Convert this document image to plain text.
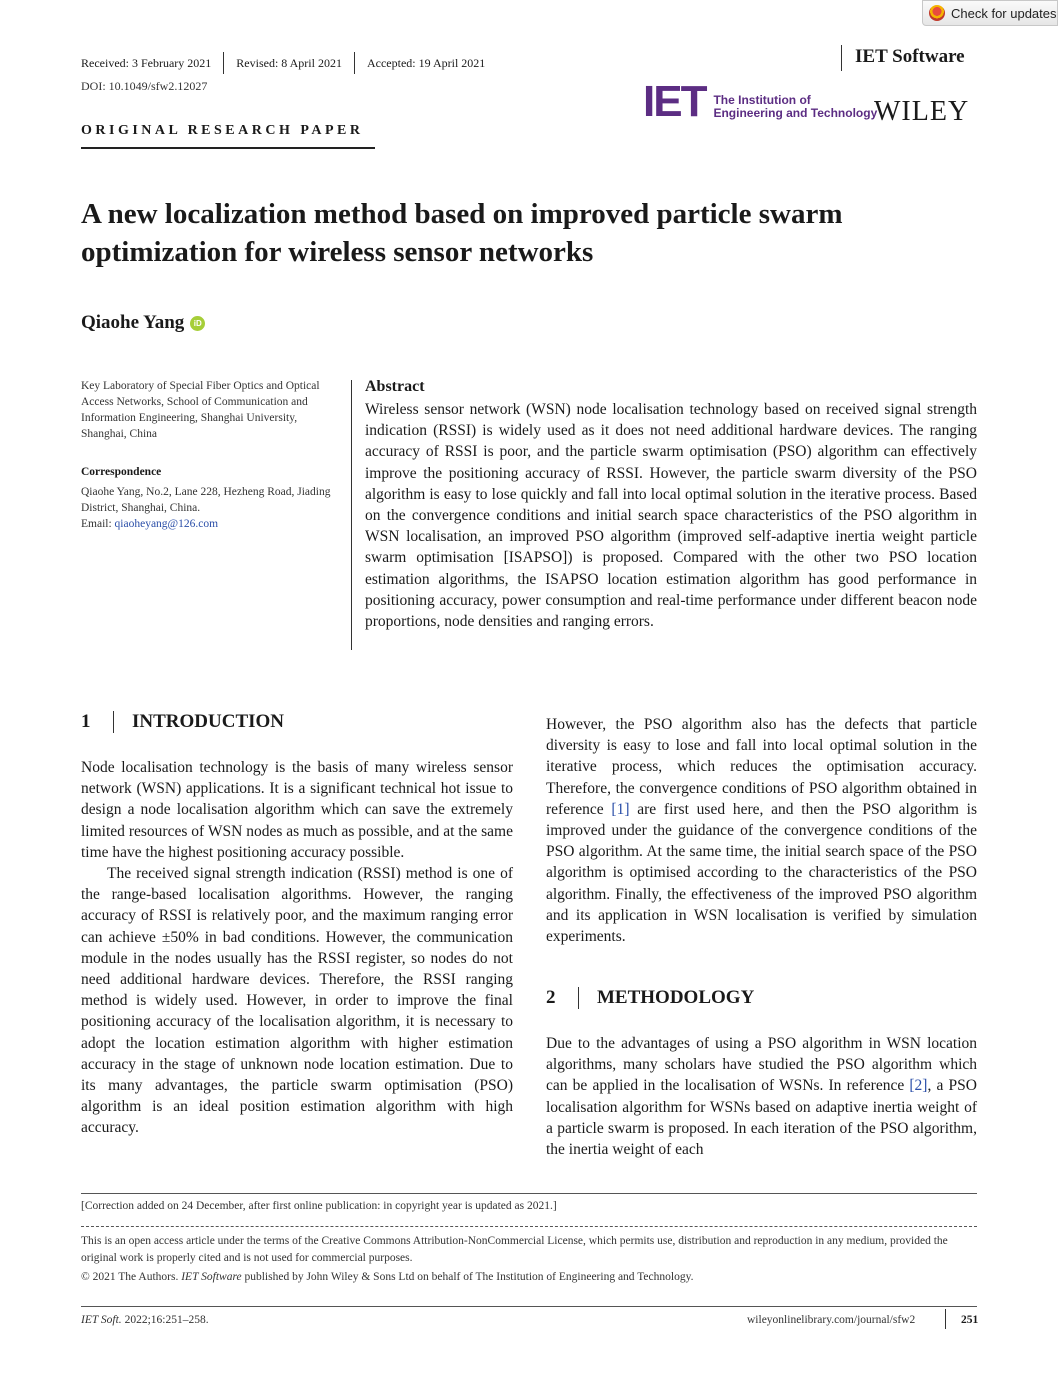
Check for updates
Received: 3 February 2021 Revised: 8 April 2021 Accepted: 19 April 2021	IET Software
DOI: 10.1049/sfw2.12027	IET The Institution of
Engineering and Technology
WILEY
ORIGINAL RESEARCH PAPER
A new localization method based on improved particle swarm optimization for wireless sensor networks
Qiaohe Yang	iD
Key Laboratory of Special Fiber Optics and Optical Access Networks, School of Communication and Information Engineering, Shanghai University, Shanghai, China
Correspondence
Qiaohe Yang, No.2, Lane 228, Hezheng Road, Jiading District, Shanghai, China.
Email: qiaoheyang@126.com
Abstract
Wireless sensor network (WSN) node localisation technology based on received signal strength indication (RSSI) is widely used as it does not need additional hardware devices. The ranging accuracy of RSSI is poor, and the particle swarm optimisation (PSO) algorithm can effectively improve the positioning accuracy of RSSI. However, the particle swarm diversity of the PSO algorithm is easy to lose quickly and fall into local optimal solution in the iterative process. Based on the convergence conditions and initial search space characteristics of the PSO algorithm in WSN localisation, an improved PSO algorithm (improved self-adaptive inertia weight particle swarm optimisation [ISAPSO]) is proposed. Compared with the other two PSO location estimation algorithms, the ISAPSO location estimation algorithm has good performance in positioning accuracy, power consumption and real-time performance under different beacon node proportions, node densities and ranging errors.
1	INTRODUCTION

Node localisation technology is the basis of many wireless sensor network (WSN) applications. It is a significant technical hot issue to design a node localisation algorithm which can save the extremely limited resources of WSN nodes as much as possible, and at the same time have the highest positioning accuracy possible.

The received signal strength indication (RSSI) method is one of the range-based localisation algorithms. However, the ranging accuracy of RSSI is relatively poor, and the maximum ranging error can achieve ±50% in bad conditions. However, the communication module in the nodes usually has the RSSI register, so nodes do not need additional hardware devices. Therefore, the RSSI ranging method is widely used. However, in order to improve the final positioning accuracy of the localisation algorithm, it is necessary to adopt the location estimation algorithm with higher estimation accuracy in the stage of unknown node location estimation. Due to its many advantages, the particle swarm optimisation (PSO) algorithm is an ideal position estimation algorithm with high accuracy.

However, the PSO algorithm also has the defects that particle diversity is easy to lose and fall into local optimal solution in the iterative process, which reduces the optimisation accuracy. Therefore, the convergence conditions of PSO algorithm obtained in reference [1] are first used here, and then the PSO algorithm is improved under the guidance of the convergence conditions of the PSO algorithm. At the same time, the initial search space of the PSO algorithm is optimised according to the characteristics of the PSO algorithm. Finally, the effectiveness of the improved PSO algorithm and its application in WSN localisation is verified by simulation experiments.

2	METHODOLOGY

Due to the advantages of using a PSO algorithm in WSN location algorithms, many scholars have studied the PSO algorithm which can be applied in the localisation of WSNs. In reference [2], a PSO localisation algorithm for WSNs based on adaptive inertia weight of a particle swarm is proposed. In each iteration of the PSO algorithm, the inertia weight of each

[Correction added on 24 December, after first online publication: in copyright year is updated as 2021.]
This is an open access article under the terms of the Creative Commons Attribution-NonCommercial License, which permits use, distribution and reproduction in any medium, provided the original work is properly cited and is not used for commercial purposes.
© 2021 The Authors. IET Software published by John Wiley & Sons Ltd on behalf of The Institution of Engineering and Technology.
IET Soft. 2022;16:251–258.	wileyonlinelibrary.com/journal/sfw2	251
